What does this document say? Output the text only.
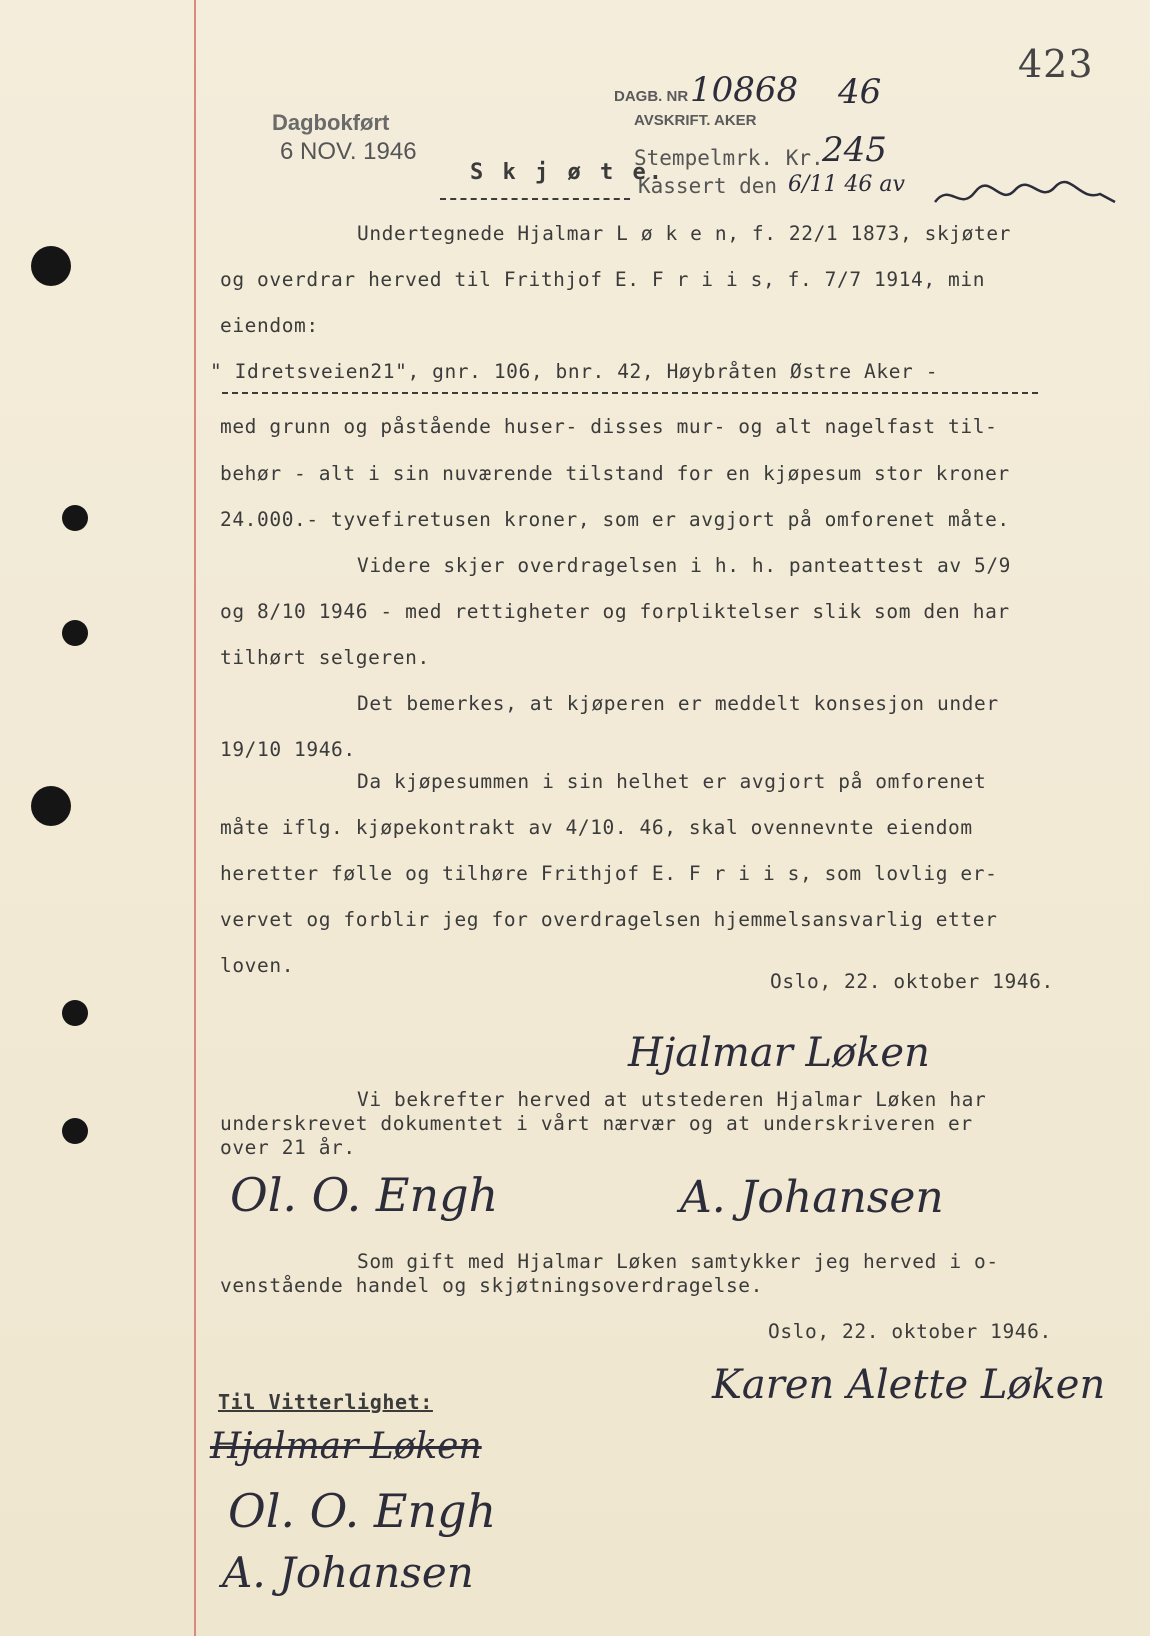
423
Dagbokført
6 NOV. 1946
DAGB. NR 10868 46
AVSKRIFT. AKER
Stempelmrk. Kr.
245
Kassert den 6/11 46 av
S k j ø t e.
Undertegnede Hjalmar L ø k e n, f. 22/1 1873, skjøter
og overdrar herved til Frithjof E. F r i i s, f. 7/7 1914, min
eiendom:
" Idretsveien21", gnr. 106, bnr. 42, Høybråten Østre Aker -
med grunn og påstående huser- disses mur- og alt nagelfast til-
behør - alt i sin nuværende tilstand for en kjøpesum stor kroner
24.000.- tyvefiretusen kroner, som er avgjort på omforenet måte.
Videre skjer overdragelsen i h. h. panteattest av 5/9
og 8/10 1946 - med rettigheter og forpliktelser slik som den har
tilhørt selgeren.
Det bemerkes, at kjøperen er meddelt konsesjon under
19/10 1946.
Da kjøpesummen i sin helhet er avgjort på omforenet
måte iflg. kjøpekontrakt av 4/10. 46, skal ovennevnte eiendom
heretter følle og tilhøre Frithjof E. F r i i s, som lovlig er-
vervet og forblir jeg for overdragelsen hjemmelsansvarlig etter
loven.
Oslo, 22. oktober 1946.
Hjalmar Løken
Vi bekrefter herved at utstederen Hjalmar Løken har
underskrevet dokumentet i vårt nærvær og at underskriveren er
over 21 år.
Ol. O. Engh	A. Johansen
Som gift med Hjalmar Løken samtykker jeg herved i o-
venstående handel og skjøtningsoverdragelse.
Oslo, 22. oktober 1946.
Karen Alette Løken
Til Vitterlighet:
Hjalmar Løken
Ol. O. Engh
A. Johansen
